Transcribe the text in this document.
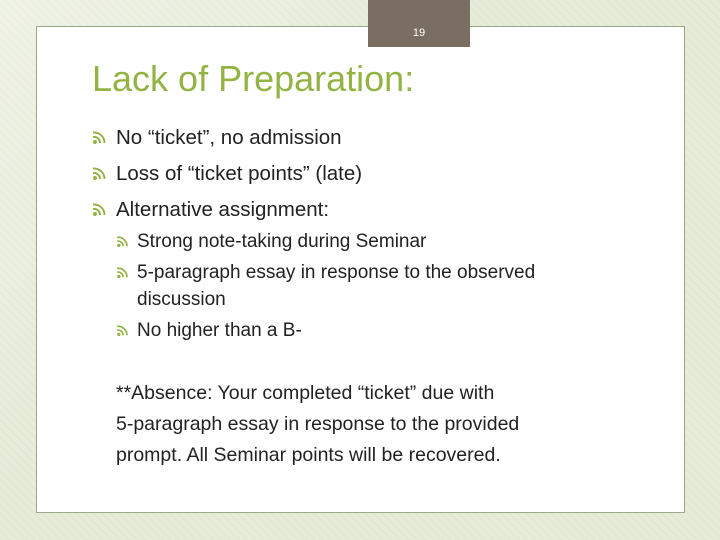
19
Lack of Preparation:
No “ticket”, no admission
Loss of “ticket points” (late)
Alternative assignment:
Strong note-taking during Seminar
5-paragraph essay in response to the observed
discussion
No higher than a B-
**Absence: Your completed “ticket” due with
5-paragraph essay in response to the provided
prompt. All Seminar points will be recovered.
